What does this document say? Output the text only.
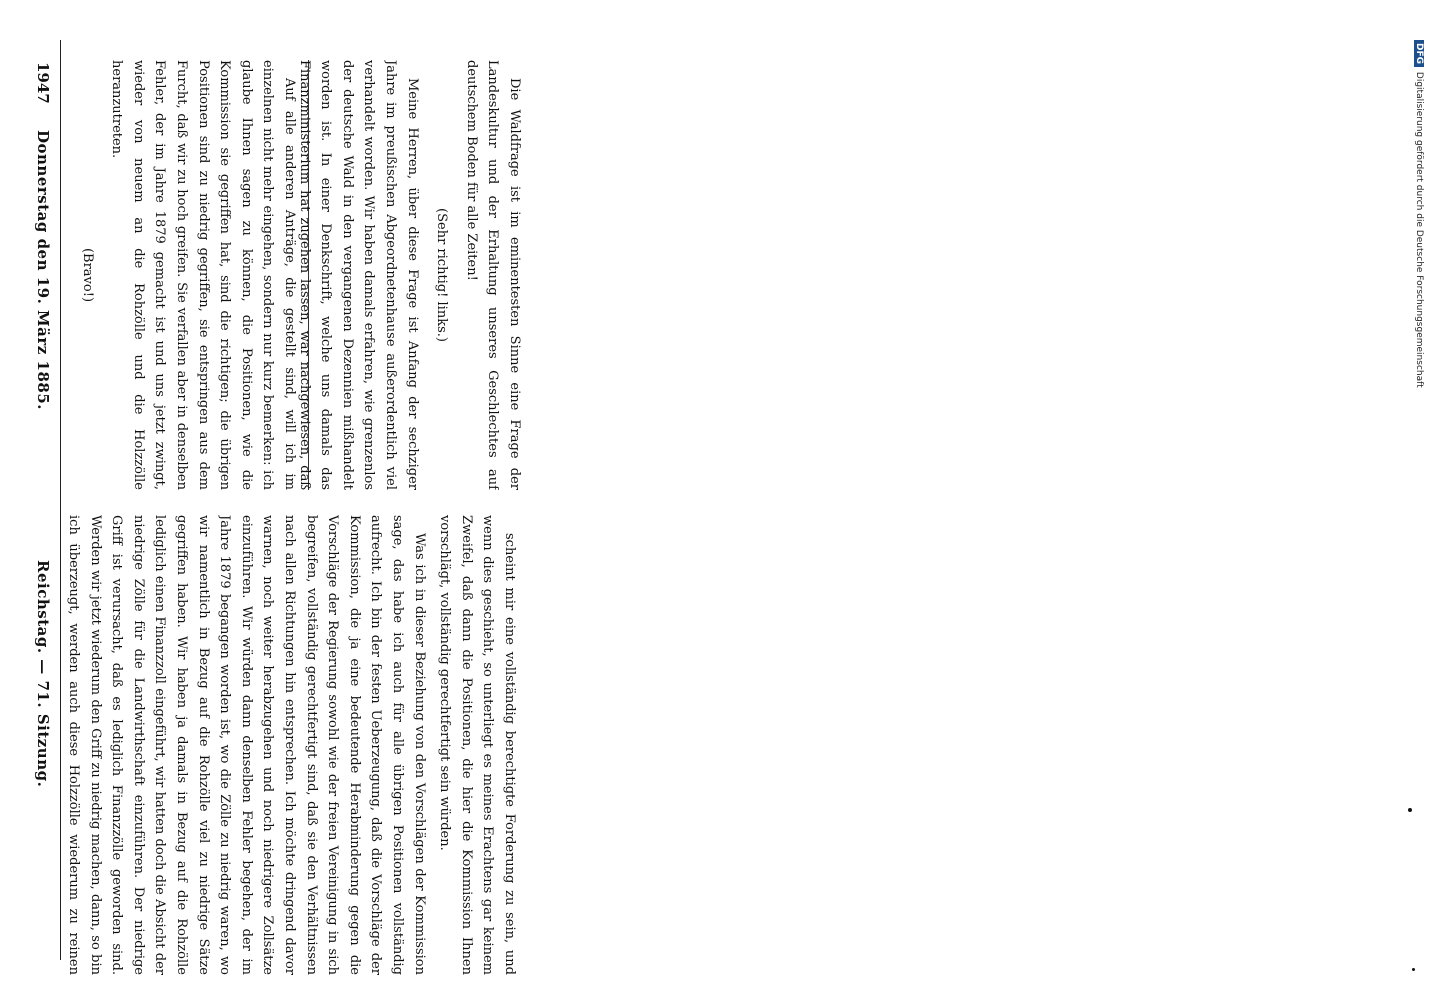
1947
Donnerstag den 19. März 1885.
Reichstag. — 71. Sitzung.

Auf alle anderen Anträge, die gestellt sind, will ich im einzelnen nicht mehr eingehen, sondern nur kurz bemerken: ich glaube Ihnen sagen zu können, die Positionen, wie die Kommission sie gegriffen hat, sind die richtigen; die übrigen Positionen sind zu niedrig gegriffen, sie entspringen aus dem Furcht, daß wir zu hoch greifen. Sie verfallen aber in denselben Fehler, der im Jahre 1879 gemacht ist und uns jetzt zwingt, wieder von neuem an die Rohzölle und die Holzzölle heranzutreten.

(Bravo!)	Die Waldfrage ist im eminentesten Sinne eine Frage der Landeskultur und der Erhaltung unseres Geschlechtes auf deutschem Boden für alle Zeiten!

(Sehr richtig! links.)

Meine Herren, über diese Frage ist Anfang der sechziger Jahre im preußischen Abgeordnetenhause außerordentlich viel verhandelt worden. Wir haben damals erfahren, wie grenzenlos der deutsche Wald in den vergangenen Dezennien mißhandelt worden ist. In einer Denkschrift, welche uns damals das Finanzministerium hat zugehen lassen, war nachgewiesen, daß

scheint mir eine vollständig berechtigte Forderung zu sein, und wenn dies geschieht, so unterliegt es meines Erachtens gar keinem Zweifel, daß dann die Positionen, die hier die Kommission Ihnen vorschlägt, vollständig gerechtfertigt sein würden.

Was ich in dieser Beziehung von den Vorschlägen der Kommission sage, das habe ich auch für alle übrigen Positionen vollständig aufrecht. Ich bin der festen Ueberzeugung, daß die Vorschläge der Kommission, die ja eine bedeutende Herabminderung gegen die Vorschläge der Regierung sowohl wie der freien Vereinigung in sich begreifen, vollständig gerechtfertigt sind, daß sie den Verhältnissen nach allen Richtungen hin entsprechen. Ich möchte dringend davor warnen, noch weiter herabzugehen und noch niedrigere Zollsätze einzuführen. Wir würden dann denselben Fehler begehen, der im Jahre 1879 begangen worden ist, wo die Zölle zu niedrig waren, wo wir namentlich in Bezug auf die Rohzölle viel zu niedrige Sätze gegriffen haben. Wir haben ja damals in Bezug auf die Rohzölle lediglich einen Finanzzoll eingeführt, wir hatten doch die Absicht der niedrige Zölle für die Landwirthschaft einzuführen. Der niedrige Griff ist verursacht, daß es lediglich Finanzzölle geworden sind. Werden wir jetzt wiederum den Griff zu niedrig machen, dann, so bin ich überzeugt, werden auch diese Holzzölle wiederum zu reinen

DFG Digitalisierung gefördert durch die Deutsche Forschungsgemeinschaft
